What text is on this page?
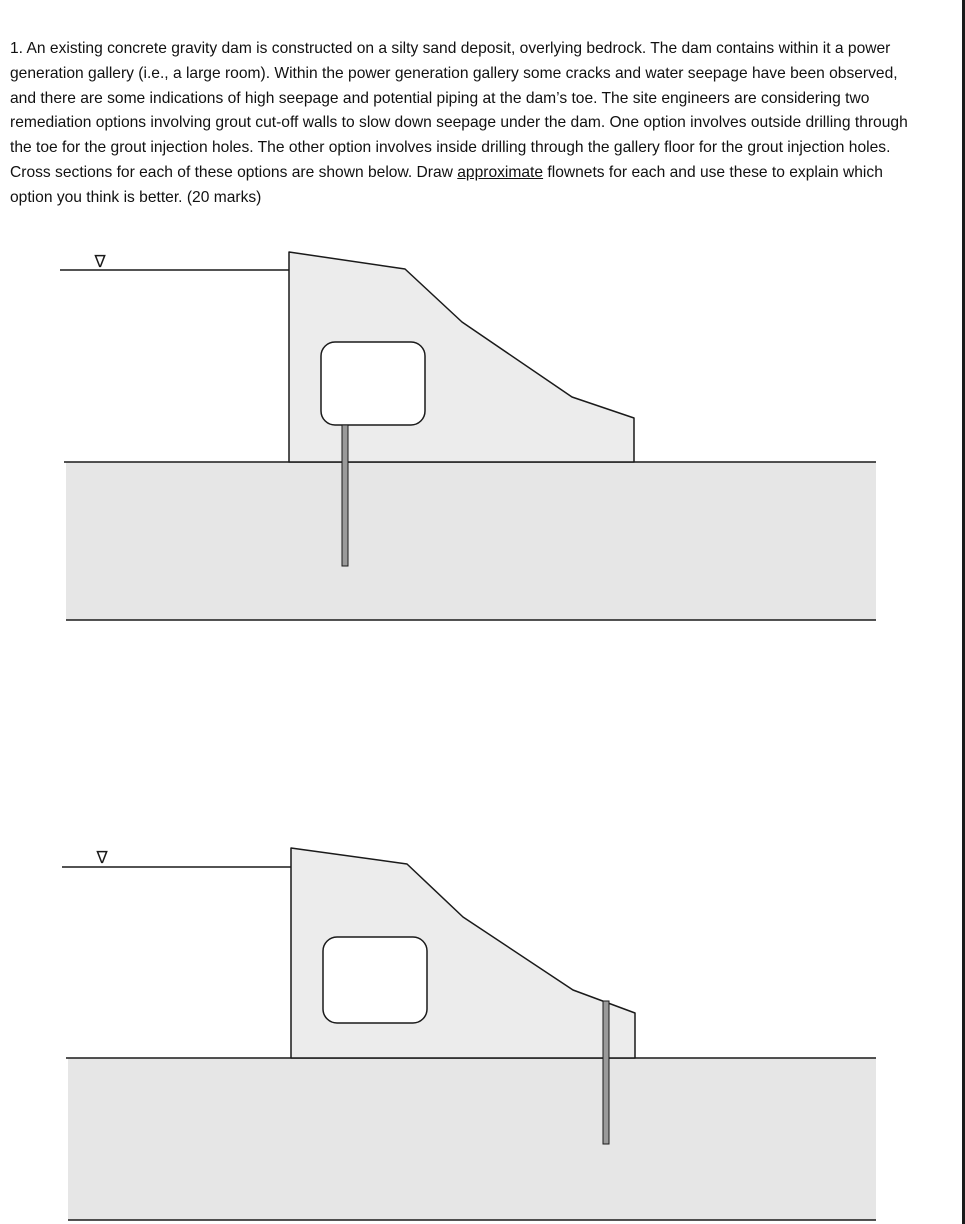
1. An existing concrete gravity dam is constructed on a silty sand deposit, overlying bedrock. The dam contains within it a power generation gallery (i.e., a large room). Within the power generation gallery some cracks and water seepage have been observed, and there are some indications of high seepage and potential piping at the dam’s toe. The site engineers are considering two remediation options involving grout cut-off walls to slow down seepage under the dam. One option involves outside drilling through the toe for the grout injection holes. The other option involves inside drilling through the gallery floor for the grout injection holes. Cross sections for each of these options are shown below. Draw approximate flownets for each and use these to explain which option you think is better. (20 marks)

∇
∇
